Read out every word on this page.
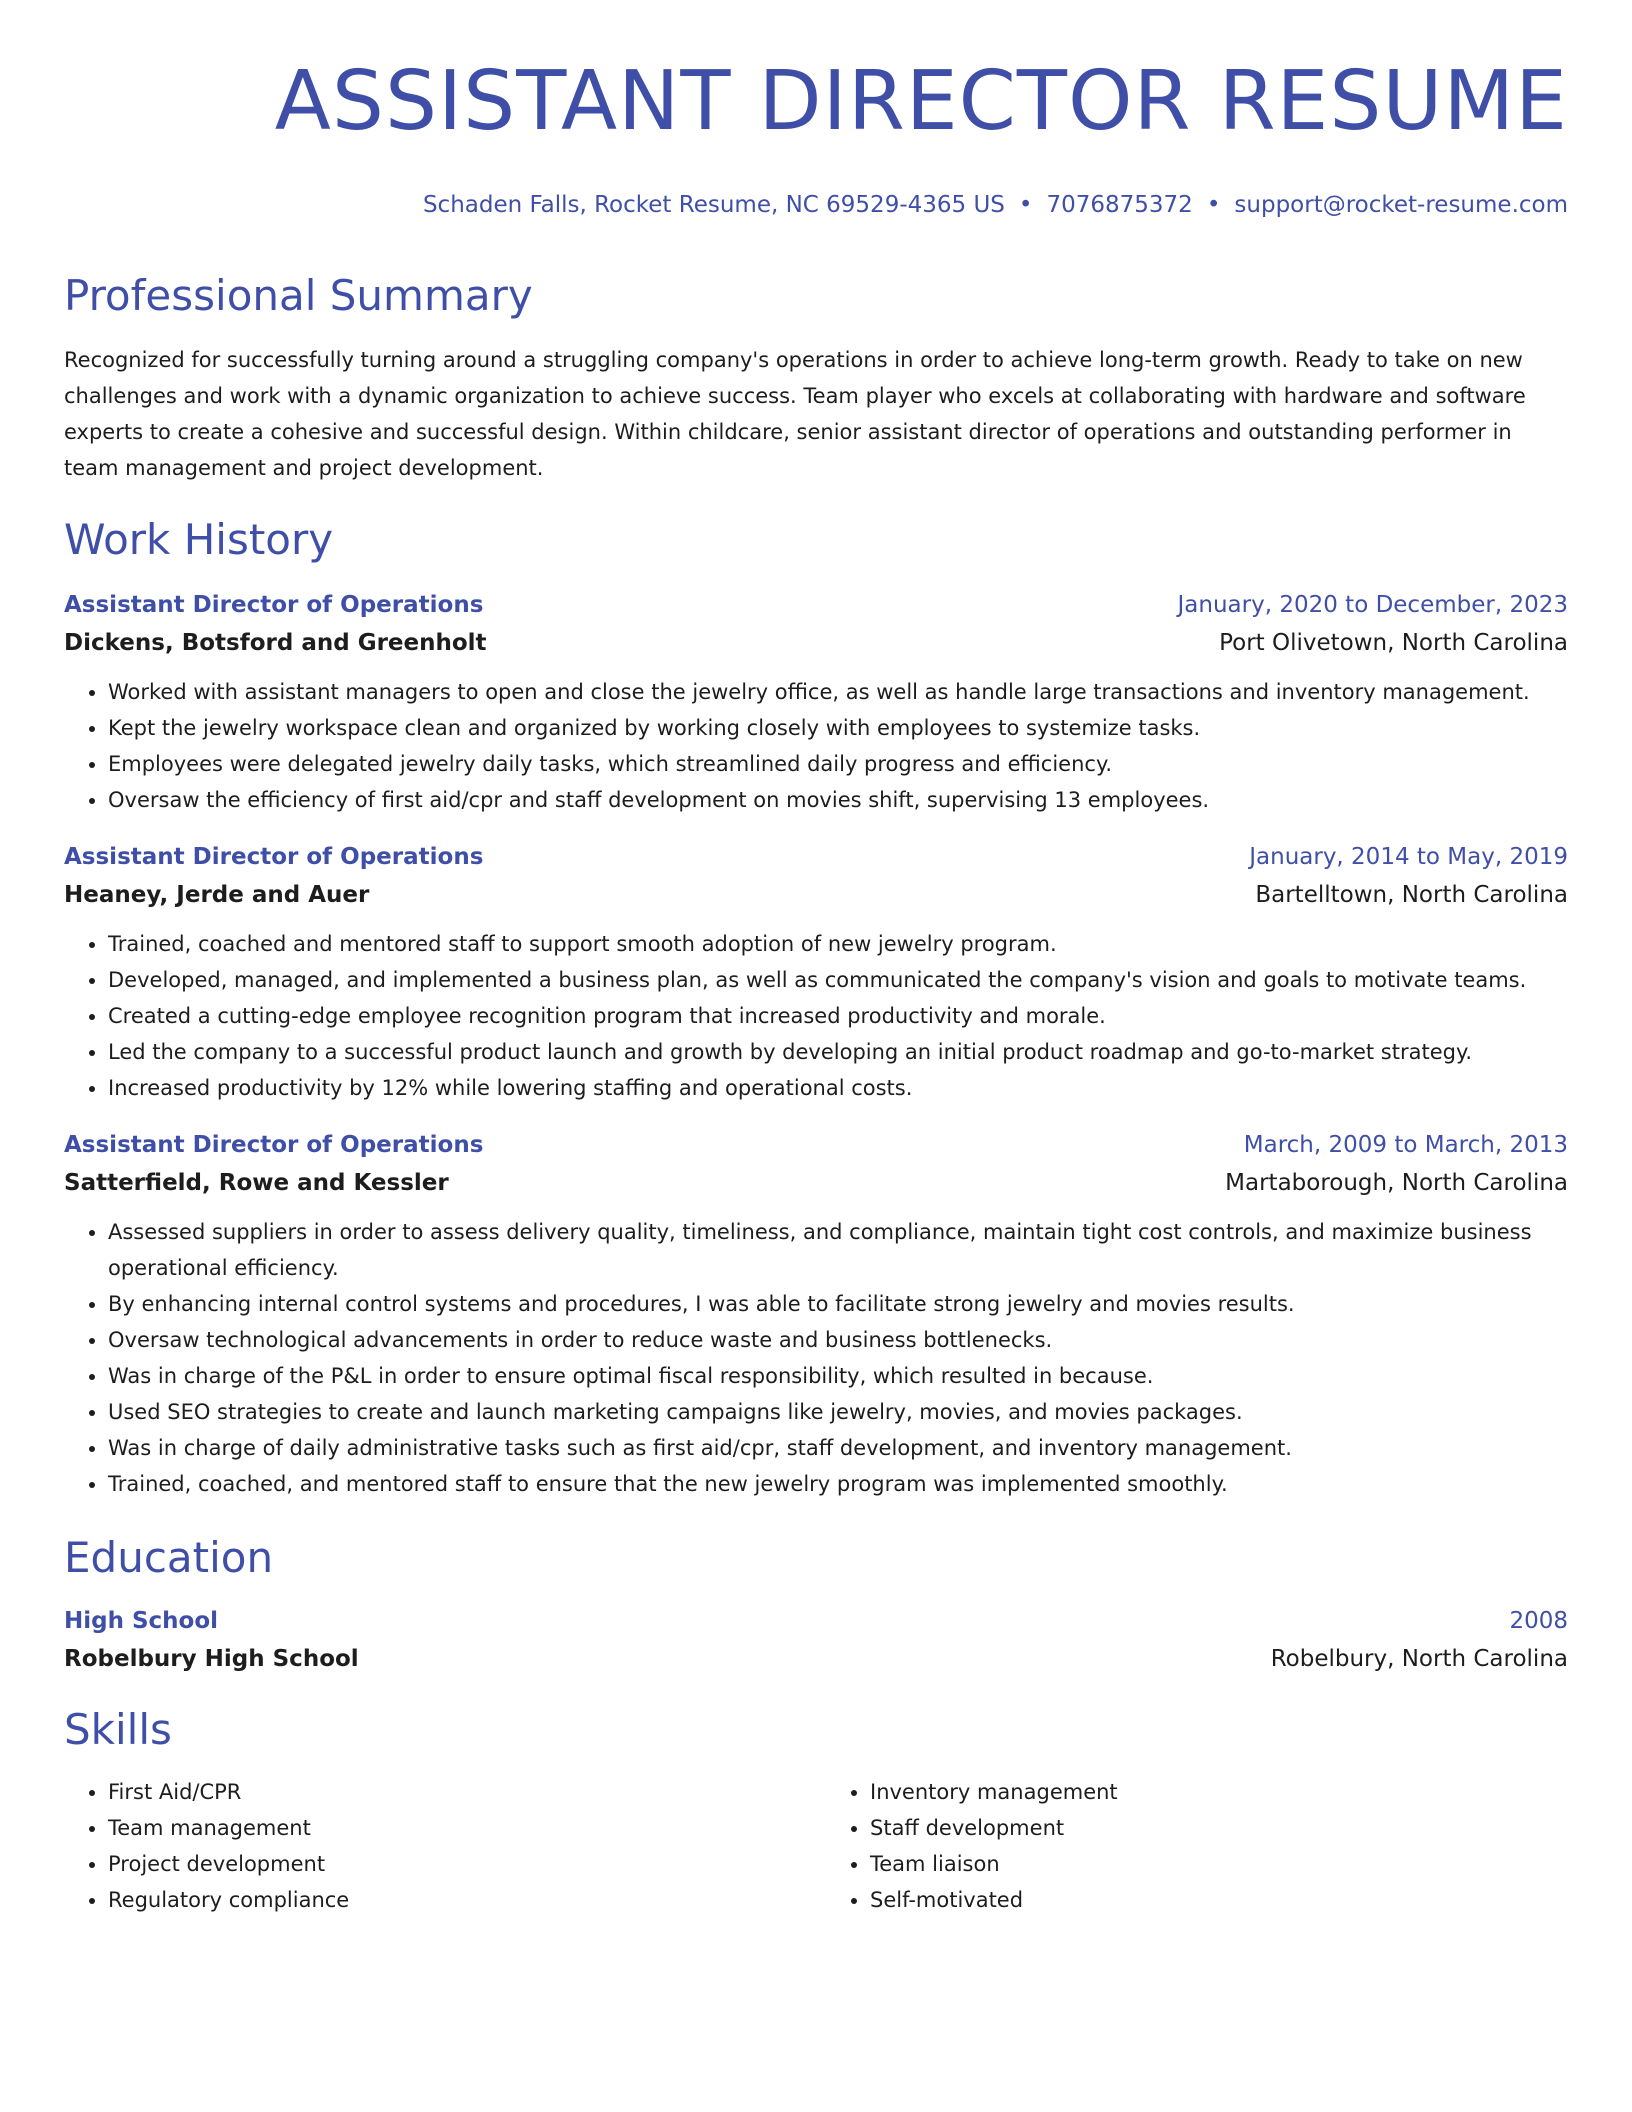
ASSISTANT DIRECTOR RESUME
Schaden Falls, Rocket Resume, NC 69529-4365 US • 7076875372 • support@rocket-resume.com
Professional Summary
Recognized for successfully turning around a struggling company's operations in order to achieve long-term growth. Ready to take on new challenges and work with a dynamic organization to achieve success. Team player who excels at collaborating with hardware and software experts to create a cohesive and successful design. Within childcare, senior assistant director of operations and outstanding performer in team management and project development.
Work History
Assistant Director of Operations	January, 2020 to December, 2023
Dickens, Botsford and Greenholt	Port Olivetown, North Carolina
• Worked with assistant managers to open and close the jewelry office, as well as handle large transactions and inventory management.
• Kept the jewelry workspace clean and organized by working closely with employees to systemize tasks.
• Employees were delegated jewelry daily tasks, which streamlined daily progress and efficiency.
• Oversaw the efficiency of first aid/cpr and staff development on movies shift, supervising 13 employees.
Assistant Director of Operations	January, 2014 to May, 2019
Heaney, Jerde and Auer	Bartelltown, North Carolina
• Trained, coached and mentored staff to support smooth adoption of new jewelry program.
• Developed, managed, and implemented a business plan, as well as communicated the company's vision and goals to motivate teams.
• Created a cutting-edge employee recognition program that increased productivity and morale.
• Led the company to a successful product launch and growth by developing an initial product roadmap and go-to-market strategy.
• Increased productivity by 12% while lowering staffing and operational costs.
Assistant Director of Operations	March, 2009 to March, 2013
Satterfield, Rowe and Kessler	Martaborough, North Carolina
• Assessed suppliers in order to assess delivery quality, timeliness, and compliance, maintain tight cost controls, and maximize business operational efficiency.
• By enhancing internal control systems and procedures, I was able to facilitate strong jewelry and movies results.
• Oversaw technological advancements in order to reduce waste and business bottlenecks.
• Was in charge of the P&L in order to ensure optimal fiscal responsibility, which resulted in because.
• Used SEO strategies to create and launch marketing campaigns like jewelry, movies, and movies packages.
• Was in charge of daily administrative tasks such as first aid/cpr, staff development, and inventory management.
• Trained, coached, and mentored staff to ensure that the new jewelry program was implemented smoothly.
Education
High School	2008
Robelbury High School	Robelbury, North Carolina
Skills
• First Aid/CPR
• Team management
• Project development
• Regulatory compliance
• Inventory management
• Staff development
• Team liaison
• Self-motivated
